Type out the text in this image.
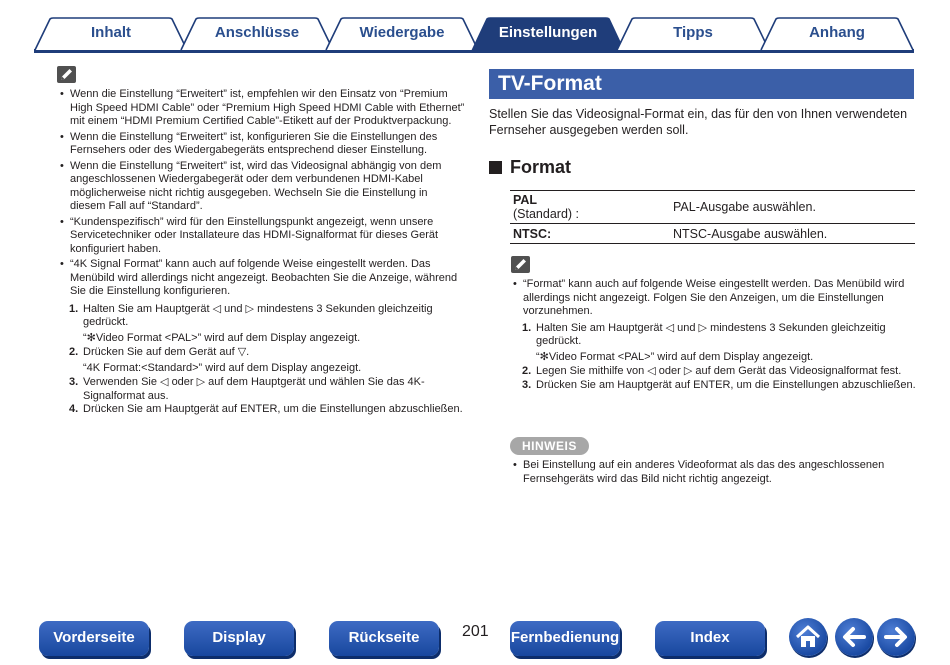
Inhalt	Anschlüsse	Wiedergabe	Einstellungen	Tipps	Anhang
• Wenn die Einstellung “Erweitert” ist, empfehlen wir den Einsatz von “Premium High Speed HDMI Cable” oder “Premium High Speed HDMI Cable with Ethernet” mit einem “HDMI Premium Certified Cable”-Etikett auf der Produktverpackung.
• Wenn die Einstellung “Erweitert” ist, konfigurieren Sie die Einstellungen des Fernsehers oder des Wiedergabegeräts entsprechend dieser Einstellung.
• Wenn die Einstellung “Erweitert” ist, wird das Videosignal abhängig von dem angeschlossenen Wiedergabegerät oder dem verbundenen HDMI-Kabel möglicherweise nicht richtig ausgegeben. Wechseln Sie die Einstellung in diesem Fall auf “Standard”.
• “Kundenspezifisch” wird für den Einstellungspunkt angezeigt, wenn unsere Servicetechniker oder Installateure das HDMI-Signalformat für dieses Gerät konfiguriert haben.
• “4K Signal Format” kann auch auf folgende Weise eingestellt werden. Das Menübild wird allerdings nicht angezeigt. Beobachten Sie die Anzeige, während Sie die Einstellung konfigurieren.
1. Halten Sie am Hauptgerät ◁ und ▷ mindestens 3 Sekunden gleichzeitig gedrückt.
“✻Video Format <PAL>” wird auf dem Display angezeigt.
2. Drücken Sie auf dem Gerät auf ▽.
“4K Format:<Standard>” wird auf dem Display angezeigt.
3. Verwenden Sie ◁ oder ▷ auf dem Hauptgerät und wählen Sie das 4K-Signalformat aus.
4. Drücken Sie am Hauptgerät auf ENTER, um die Einstellungen abzuschließen.
TV-Format

Stellen Sie das Videosignal-Format ein, das für den von Ihnen verwendeten Fernseher ausgegeben werden soll.

Format
PAL
(Standard) :	PAL-Ausgabe auswählen.
NTSC:	NTSC-Ausgabe auswählen.
• “Format” kann auch auf folgende Weise eingestellt werden. Das Menübild wird allerdings nicht angezeigt. Folgen Sie den Anzeigen, um die Einstellungen vorzunehmen.
1. Halten Sie am Hauptgerät ◁ und ▷ mindestens 3 Sekunden gleichzeitig gedrückt.
“✻Video Format <PAL>” wird auf dem Display angezeigt.
2. Legen Sie mithilfe von ◁ oder ▷ auf dem Gerät das Videosignalformat fest.
3. Drücken Sie am Hauptgerät auf ENTER, um die Einstellungen abzuschließen.
HINWEIS
• Bei Einstellung auf ein anderes Videoformat als das des angeschlossenen Fernsehgeräts wird das Bild nicht richtig angezeigt.
Vorderseite	Display	Rückseite	201 Fernbedienung	Index
